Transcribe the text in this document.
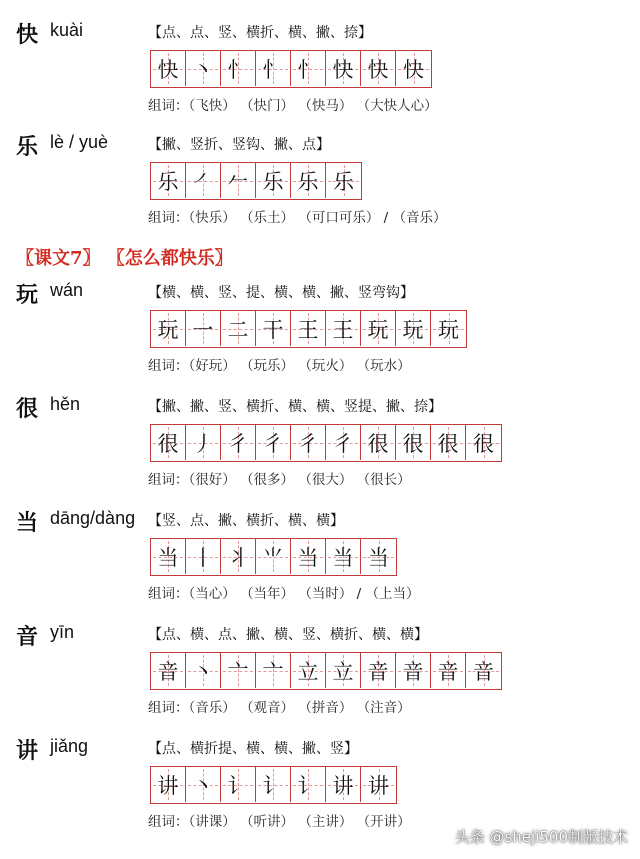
快 kuài	【点、点、竖、横折、横、撇、捺】
快 丶 忄 忄 忄 快 快 快
组词：（飞快） （快门） （快马） （大快人心）
乐 lè / yuè	【撇、竖折、竖钩、撇、点】
乐 ㇒ 𠂉 乐 乐 乐
组词：（快乐） （乐土） （可口可乐） / （音乐）
玩 wán	【横、横、竖、提、横、横、撇、竖弯钩】
玩 一 二 干 王 王 玩 玩 玩
组词：（好玩） （玩乐） （玩火） （玩水）
很 hěn	【撇、撇、竖、横折、横、横、竖提、撇、捺】
很 丿 彳 彳 彳 彳 很 很 很 很
组词：（很好） （很多） （很大） （很长）
当 dāng/dàng 【竖、点、撇、横折、横、横】
当 丨 丬 ⺌ 当 当 当
组词：（当心） （当年） （当时） / （上当）
音 yīn	【点、横、点、撇、横、竖、横折、横、横】
音 丶 亠 亠 立 立 音 音 音 音
组词：（音乐） （观音） （拼音） （注音）
讲 jiǎng	【点、横折提、横、横、撇、竖】
讲 丶 讠 讠 讠 讲 讲
组词：（讲课） （听讲） （主讲） （开讲）
〖课文7〗 〖怎么都快乐〗
头条 @sheji500制版技术
